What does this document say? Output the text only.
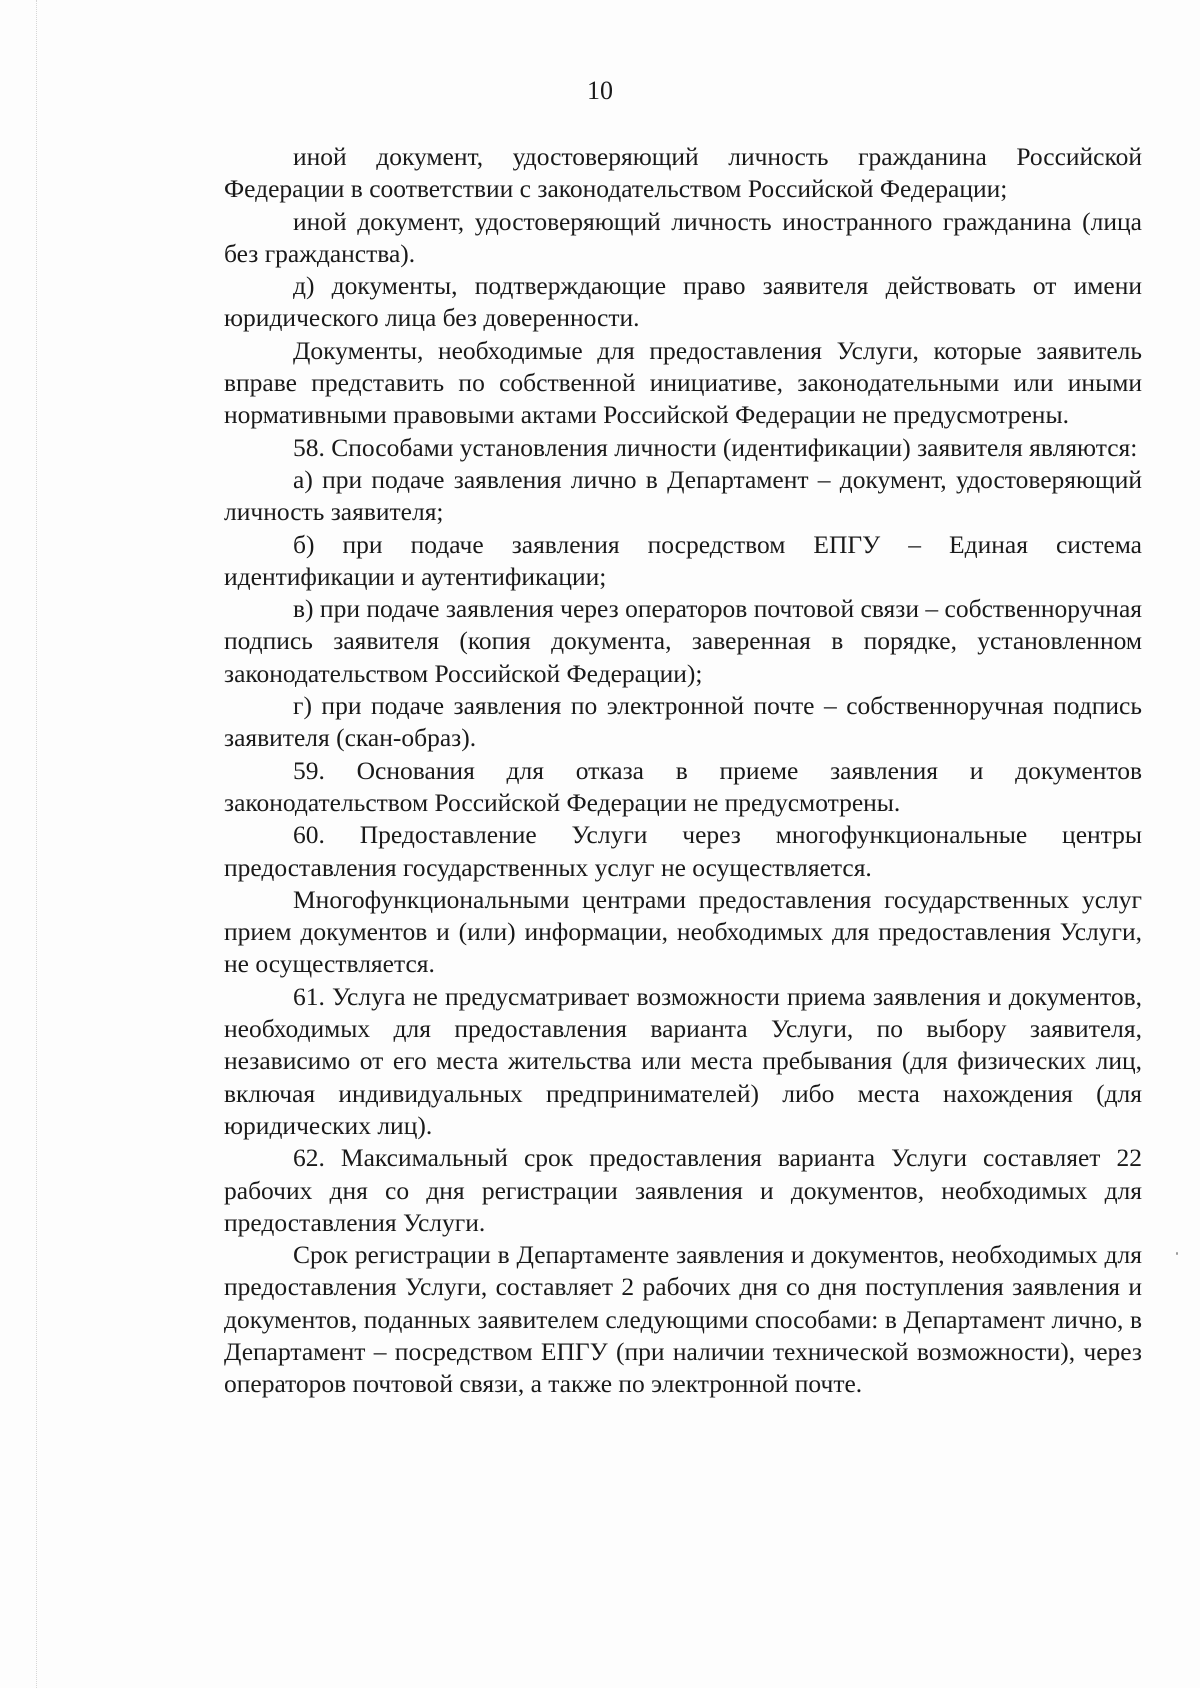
10

иной документ, удостоверяющий личность гражданина Российской Федерации в соответствии с законодательством Российской Федерации;

иной документ, удостоверяющий личность иностранного гражданина (лица без гражданства).

д) документы, подтверждающие право заявителя действовать от имени юридического лица без доверенности.

Документы, необходимые для предоставления Услуги, которые заявитель вправе представить по собственной инициативе, законодательными или иными нормативными правовыми актами Российской Федерации не предусмотрены.

58. Способами установления личности (идентификации) заявителя являются:

а) при подаче заявления лично в Департамент – документ, удостоверяющий личность заявителя;

б) при подаче заявления посредством ЕПГУ – Единая система идентификации и аутентификации;

в) при подаче заявления через операторов почтовой связи – собственноручная подпись заявителя (копия документа, заверенная в порядке, установленном законодательством Российской Федерации);

г) при подаче заявления по электронной почте – собственноручная подпись заявителя (скан-образ).

59. Основания для отказа в приеме заявления и документов законодательством Российской Федерации не предусмотрены.

60. Предоставление Услуги через многофункциональные центры предоставления государственных услуг не осуществляется.

Многофункциональными центрами предоставления государственных услуг прием документов и (или) информации, необходимых для предоставления Услуги, не осуществляется.

61. Услуга не предусматривает возможности приема заявления и документов, необходимых для предоставления варианта Услуги, по выбору заявителя, независимо от его места жительства или места пребывания (для физических лиц, включая индивидуальных предпринимателей) либо места нахождения (для юридических лиц).

62. Максимальный срок предоставления варианта Услуги составляет 22 рабочих дня со дня регистрации заявления и документов, необходимых для предоставления Услуги.

Срок регистрации в Департаменте заявления и документов, необходимых для предоставления Услуги, составляет 2 рабочих дня со дня поступления заявления и документов, поданных заявителем следующими способами: в Департамент лично, в Департамент – посредством ЕПГУ (при наличии технической возможности), через операторов почтовой связи, а также по электронной почте.
